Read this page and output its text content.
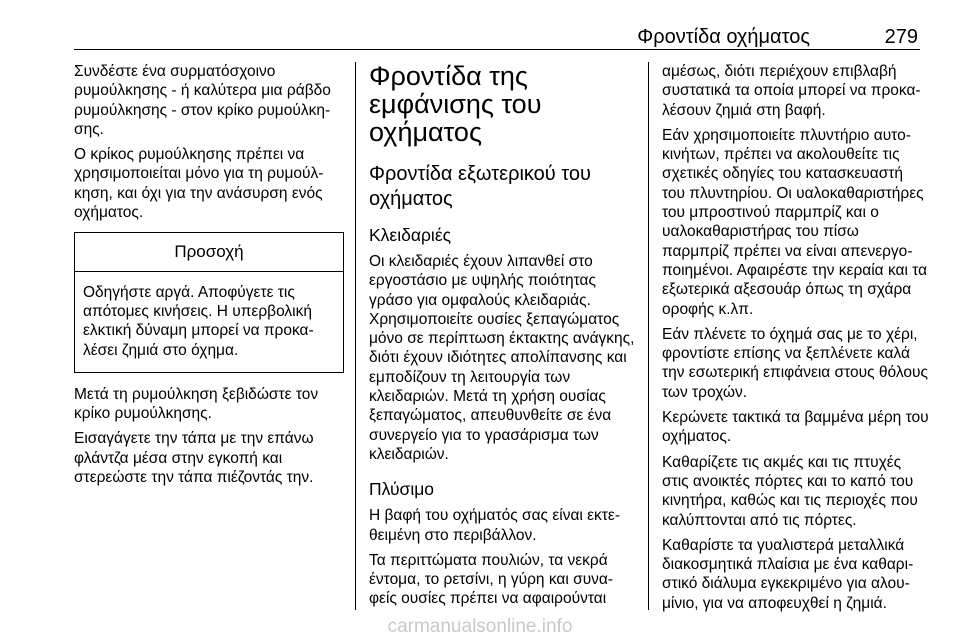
Φροντίδα οχήματος	279

Συνδέστε ένα συρματόσχοινο ρυμούλκησης - ή καλύτερα μια ράβδο ρυμούλκησης - στον κρίκο ρυμούλκησης.

Ο κρίκος ρυμούλκησης πρέπει να χρησιμοποιείται μόνο για τη ρυμούλκηση, και όχι για την ανάσυρση ενός οχήματος.

Προσοχή
Οδηγήστε αργά. Αποφύγετε τις απότομες κινήσεις. Η υπερβολική ελκτική δύναμη μπορεί να προκαλέσει ζημιά στο όχημα.

Μετά τη ρυμούλκηση ξεβιδώστε τον κρίκο ρυμούλκησης.

Εισαγάγετε την τάπα με την επάνω φλάντζα μέσα στην εγκοπή και στερεώστε την τάπα πιέζοντάς την.

Φροντίδα της εμφάνισης του οχήματος
Φροντίδα εξωτερικού του οχήματος
Κλειδαριές

Οι κλειδαριές έχουν λιπανθεί στο εργοστάσιο με υψηλής ποιότητας γράσο για ομφαλούς κλειδαριάς. Χρησιμοποιείτε ουσίες ξεπαγώματος μόνο σε περίπτωση έκτακτης ανάγκης, διότι έχουν ιδιότητες απολίπανσης και εμποδίζουν τη λειτουργία των κλειδαριών. Μετά τη χρήση ουσίας ξεπαγώματος, απευθυνθείτε σε ένα συνεργείο για το γρασάρισμα των κλειδαριών.

Πλύσιμο

Η βαφή του οχήματός σας είναι εκτεθειμένη στο περιβάλλον.

Τα περιττώματα πουλιών, τα νεκρά έντομα, το ρετσίνι, η γύρη και συναφείς ουσίες πρέπει να αφαιρούνται

αμέσως, διότι περιέχουν επιβλαβή συστατικά τα οποία μπορεί να προκαλέσουν ζημιά στη βαφή.

Εάν χρησιμοποιείτε πλυντήριο αυτοκινήτων, πρέπει να ακολουθείτε τις σχετικές οδηγίες του κατασκευαστή του πλυντηρίου. Οι υαλοκαθαριστήρες του μπροστινού παρμπρίζ και ο υαλοκαθαριστήρας του πίσω παρμπρίζ πρέπει να είναι απενεργοποιημένοι. Αφαιρέστε την κεραία και τα εξωτερικά αξεσουάρ όπως τη σχάρα οροφής κ.λπ.

Εάν πλένετε το όχημά σας με το χέρι, φροντίστε επίσης να ξεπλένετε καλά την εσωτερική επιφάνεια στους θόλους των τροχών.

Κερώνετε τακτικά τα βαμμένα μέρη του οχήματος.

Καθαρίζετε τις ακμές και τις πτυχές στις ανοικτές πόρτες και το καπό του κινητήρα, καθώς και τις περιοχές που καλύπτονται από τις πόρτες.

Καθαρίστε τα γυαλιστερά μεταλλικά διακοσμητικά πλαίσια με ένα καθαριστικό διάλυμα εγκεκριμένο για αλουμίνιο, για να αποφευχθεί η ζημιά.

carmanualsonline.info
